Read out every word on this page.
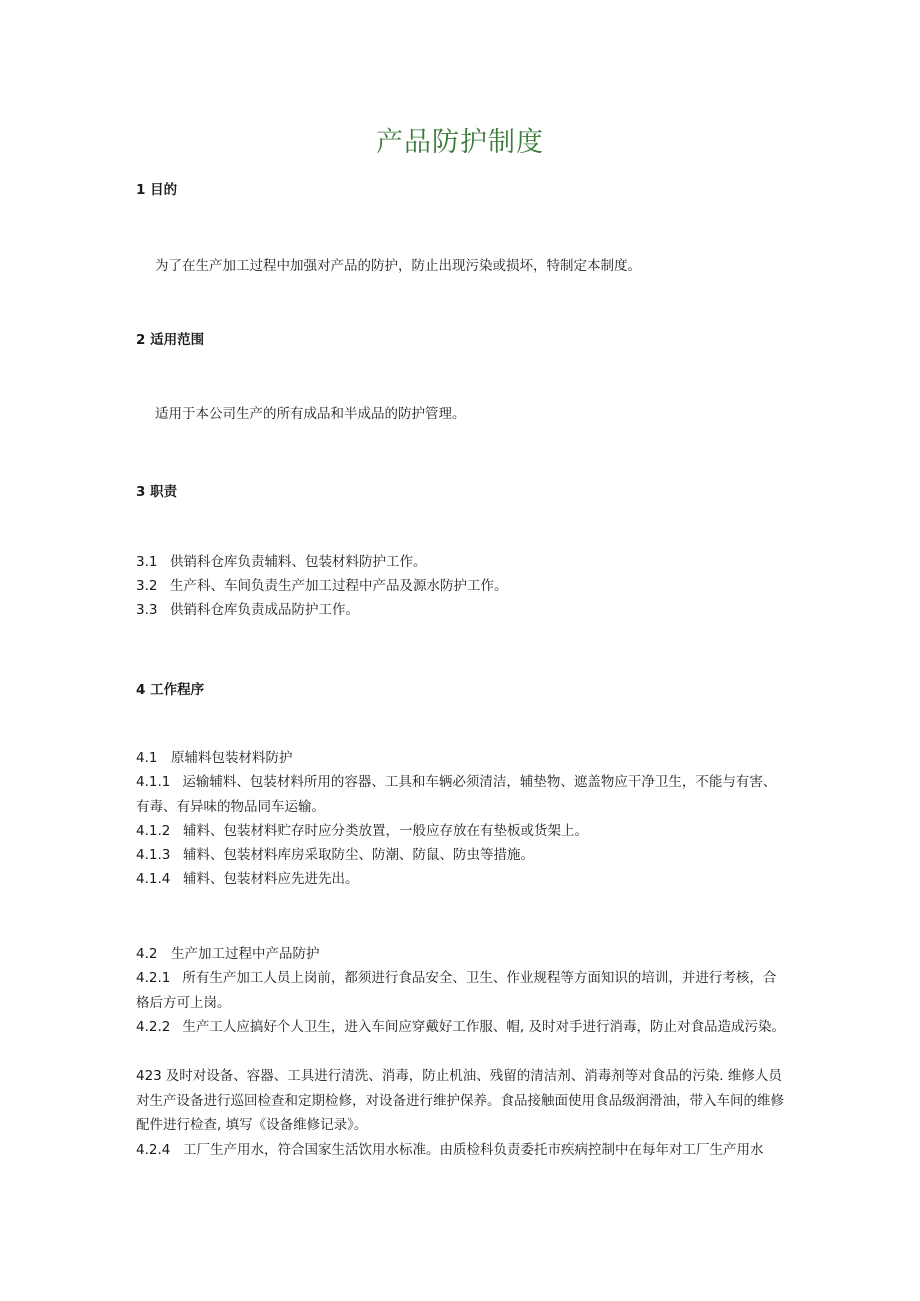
产品防护制度
1 目的
为了在生产加工过程中加强对产品的防护，防止出现污染或损坏，特制定本制度。
2 适用范围
适用于本公司生产的所有成品和半成品的防护管理。
3 职责
3.1 供销科仓库负责辅料、包装材料防护工作。
3.2 生产科、车间负责生产加工过程中产品及源水防护工作。
3.3 供销科仓库负责成品防护工作。
4 工作程序
4.1 原辅料包装材料防护
4.1.1 运输辅料、包装材料所用的容器、工具和车辆必须清洁，辅垫物、遮盖物应干净卫生，不能与有害、有毒、有异味的物品同车运输。
4.1.2 辅料、包装材料贮存时应分类放置，一般应存放在有垫板或货架上。
4.1.3 辅料、包装材料库房采取防尘、防潮、防鼠、防虫等措施。
4.1.4 辅料、包装材料应先进先出。
4.2 生产加工过程中产品防护
4.2.1 所有生产加工人员上岗前，都须进行食品安全、卫生、作业规程等方面知识的培训，并进行考核，合格后方可上岗。
4.2.2 生产工人应搞好个人卫生，进入车间应穿戴好工作服、帽, 及时对手进行消毒，防止对食品造成污染。
423 及时对设备、容器、工具进行清洗、消毒，防止机油、残留的清洁剂、消毒剂等对食品的污染. 维修人员对生产设备进行巡回检查和定期检修，对设备进行维护保养。食品接触面使用食品级润滑油，带入车间的维修配件进行检查, 填写《设备维修记录》。
4.2.4 工厂生产用水，符合国家生活饮用水标准。由质检科负责委托市疾病控制中在每年对工厂生产用水
